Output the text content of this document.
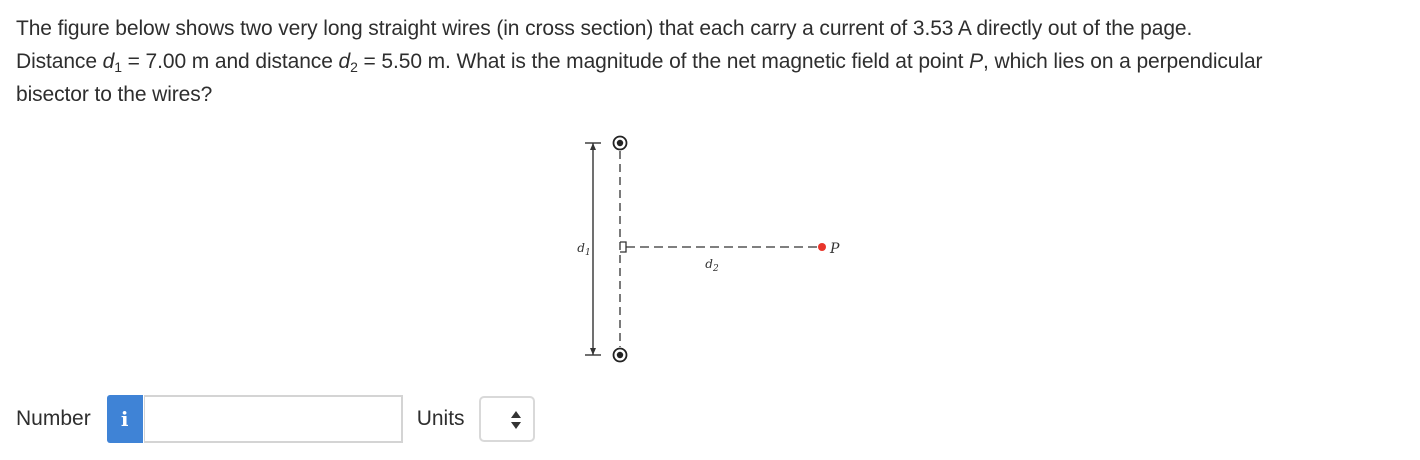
The figure below shows two very long straight wires (in cross section) that each carry a current of 3.53 A directly out of the page.

Distance $d_1 = 7.00$ m and distance $d_2 = 5.50$ m. What is the magnitude of the net magnetic field at point P, which lies on a perpendicular

bisector to the wires?

$d_1$
$d_2$
P
Number i	Units
